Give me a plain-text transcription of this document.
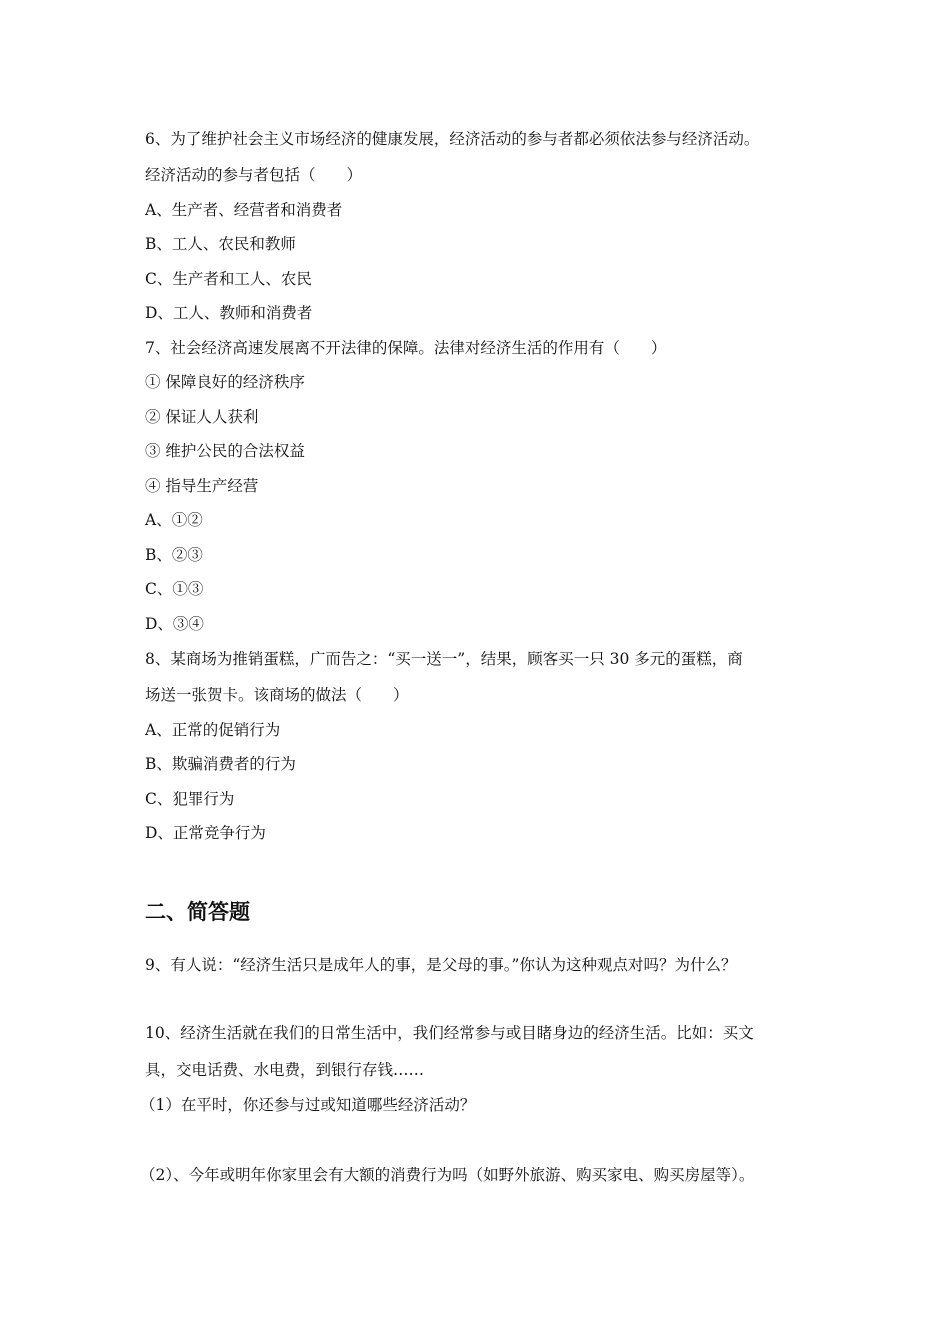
6、为了维护社会主义市场经济的健康发展，经济活动的参与者都必须依法参与经济活动。
经济活动的参与者包括（　　）
A、生产者、经营者和消费者
B、工人、农民和教师
C、生产者和工人、农民
D、工人、教师和消费者
7、社会经济高速发展离不开法律的保障。法律对经济生活的作用有（　　）
① 保障良好的经济秩序
② 保证人人获利
③ 维护公民的合法权益
④ 指导生产经营
A、①②
B、②③
C、①③
D、③④
8、某商场为推销蛋糕，广而告之：“买一送一”，结果，顾客买一只 30 多元的蛋糕，商
场送一张贺卡。该商场的做法（　　）
A、正常的促销行为
B、欺骗消费者的行为
C、犯罪行为
D、正常竞争行为
二、简答题
9、有人说：“经济生活只是成年人的事，是父母的事。”你认为这种观点对吗？为什么？
10、经济生活就在我们的日常生活中，我们经常参与或目睹身边的经济生活。比如：买文
具，交电话费、水电费，到银行存钱……
（1）在平时，你还参与过或知道哪些经济活动？
（2）、今年或明年你家里会有大额的消费行为吗（如野外旅游、购买家电、购买房屋等）。
